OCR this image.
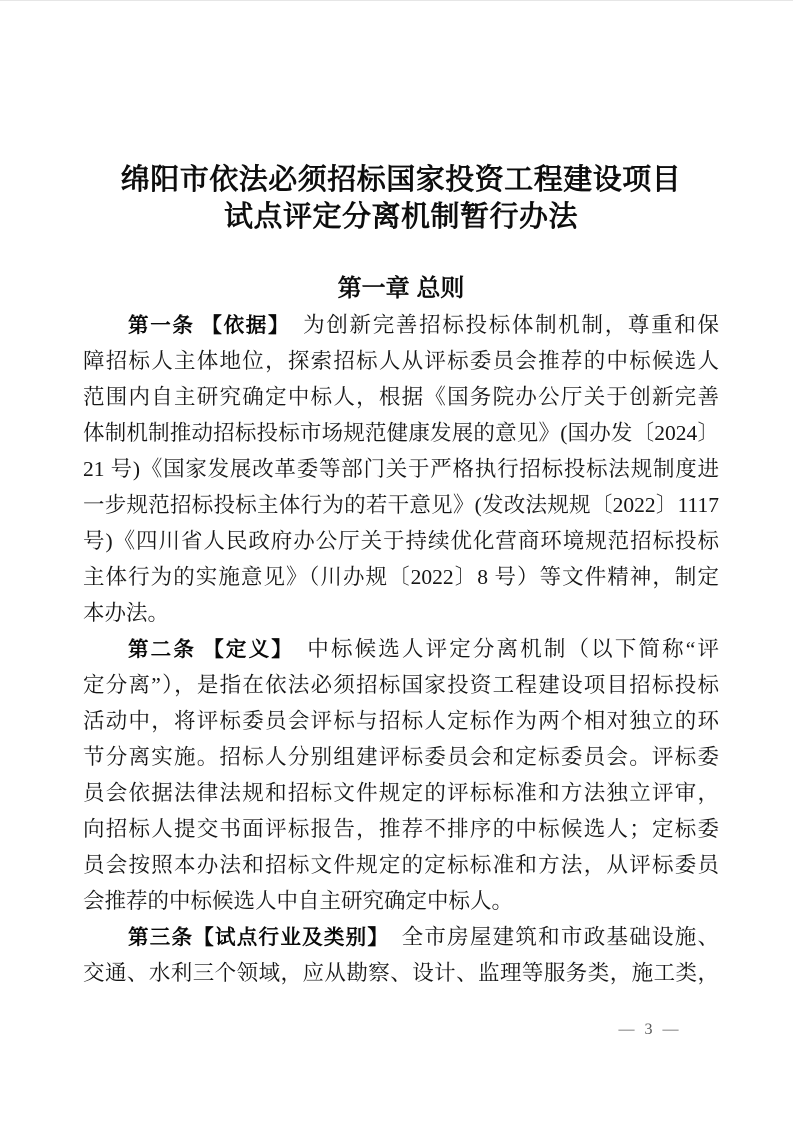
绵阳市依法必须招标国家投资工程建设项目
试点评定分离机制暂行办法
第一章 总则
第一条 【依据】　为创新完善招标投标体制机制，尊重和保
障招标人主体地位，探索招标人从评标委员会推荐的中标候选人
范围内自主研究确定中标人，根据《国务院办公厅关于创新完善
体制机制推动招标投标市场规范健康发展的意见》(国办发〔2024〕
21 号)《国家发展改革委等部门关于严格执行招标投标法规制度进
一步规范招标投标主体行为的若干意见》(发改法规规〔2022〕1117
号)《四川省人民政府办公厅关于持续优化营商环境规范招标投标
主体行为的实施意见》（川办规〔2022〕8 号）等文件精神，制定
本办法。
第二条 【定义】　中标候选人评定分离机制（以下简称“评
定分离”），是指在依法必须招标国家投资工程建设项目招标投标
活动中，将评标委员会评标与招标人定标作为两个相对独立的环
节分离实施。招标人分别组建评标委员会和定标委员会。评标委
员会依据法律法规和招标文件规定的评标标准和方法独立评审，
向招标人提交书面评标报告，推荐不排序的中标候选人；定标委
员会按照本办法和招标文件规定的定标标准和方法，从评标委员
会推荐的中标候选人中自主研究确定中标人。
第三条【试点行业及类别】　全市房屋建筑和市政基础设施、
交通、水利三个领域，应从勘察、设计、监理等服务类，施工类，
— 3 —
